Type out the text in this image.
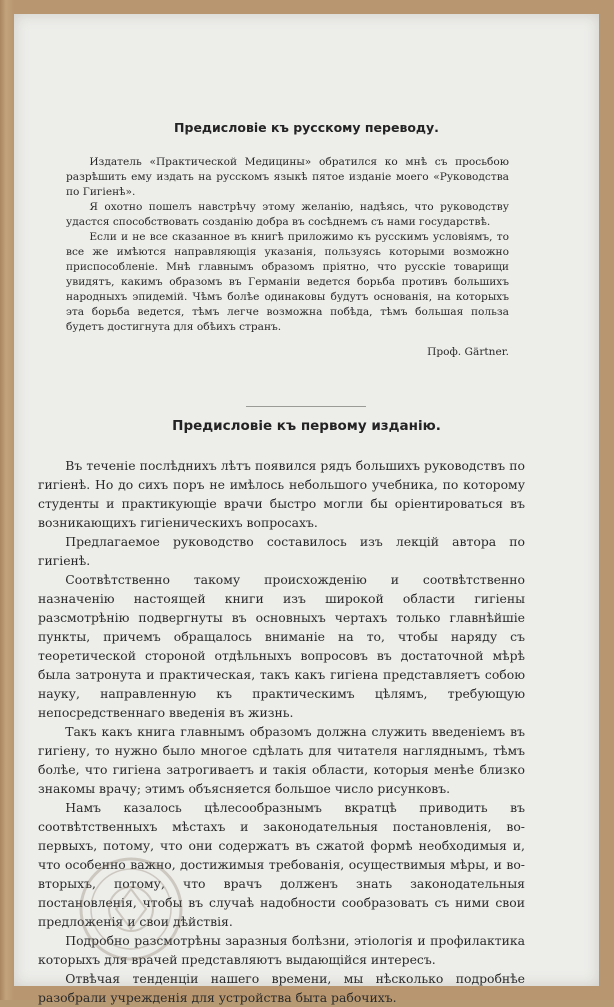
Предисловіе къ русскому переводу.

Издатель «Практической Медицины» обратился ко мнѣ съ просьбою разрѣшить ему издать на русскомъ языкѣ пятое изданіе моего «Руководства по Гигіенѣ».

Я охотно пошелъ навстрѣчу этому желанію, надѣясь, что руководству удастся способствовать созданію добра въ сосѣднемъ съ нами государствѣ.

Если и не все сказанное въ книгѣ приложимо къ русскимъ условіямъ, то все же имѣются направляющія указанія, пользуясь которыми возможно приспособленіе. Мнѣ главнымъ образомъ пріятно, что русскіе товарищи увидятъ, какимъ образомъ въ Германіи ведется борьба противъ большихъ народныхъ эпидемій. Чѣмъ болѣе одинаковы будутъ основанія, на которыхъ эта борьба ведется, тѣмъ легче возможна побѣда, тѣмъ большая польза будетъ достигнута для обѣихъ странъ.

Проф. Gärtner.

Предисловіе къ первому изданію.

Въ теченіе послѣднихъ лѣтъ появился рядъ большихъ руководствъ по гигіенѣ. Но до сихъ поръ не имѣлось небольшого учебника, по которому студенты и практикующіе врачи быстро могли бы оріентироваться въ возникающихъ гигіеническихъ вопросахъ.

Предлагаемое руководство составилось изъ лекцій автора по гигіенѣ.

Соотвѣтственно такому происхожденію и соотвѣтственно назначенію настоящей книги изъ широкой области гигіены разсмотрѣнію подвергнуты въ основныхъ чертахъ только главнѣйшіе пункты, причемъ обращалось вниманіе на то, чтобы наряду съ теоретической стороной отдѣльныхъ вопросовъ въ достаточной мѣрѣ была затронута и практическая, такъ какъ гигіена представляетъ собою науку, направленную къ практическимъ цѣлямъ, требующую непосредственнаго введенія въ жизнь.

Такъ какъ книга главнымъ образомъ должна служить введеніемъ въ гигіену, то нужно было многое сдѣлать для читателя нагляднымъ, тѣмъ болѣе, что гигіена затрогиваетъ и такія области, которыя менѣе близко знакомы врачу; этимъ объясняется большое число рисунковъ.

Намъ казалось цѣлесообразнымъ вкратцѣ приводить въ соотвѣтственныхъ мѣстахъ и законодательныя постановленія, во-первыхъ, потому, что они содержатъ въ сжатой формѣ необходимыя и, что особенно важно, достижимыя требованія, осуществимыя мѣры, и во-вторыхъ, потому, что врачъ долженъ знать законодательныя постановленія, чтобы въ случаѣ надобности сообразовать съ ними свои предложенія и свои дѣйствія.

Подробно разсмотрѣны заразныя болѣзни, этіологія и профилактика которыхъ для врачей представляютъ выдающійся интересъ.

Отвѣчая тенденціи нашего времени, мы нѣсколько подробнѣе разобрали учрежденія для устройства быта рабочихъ.
